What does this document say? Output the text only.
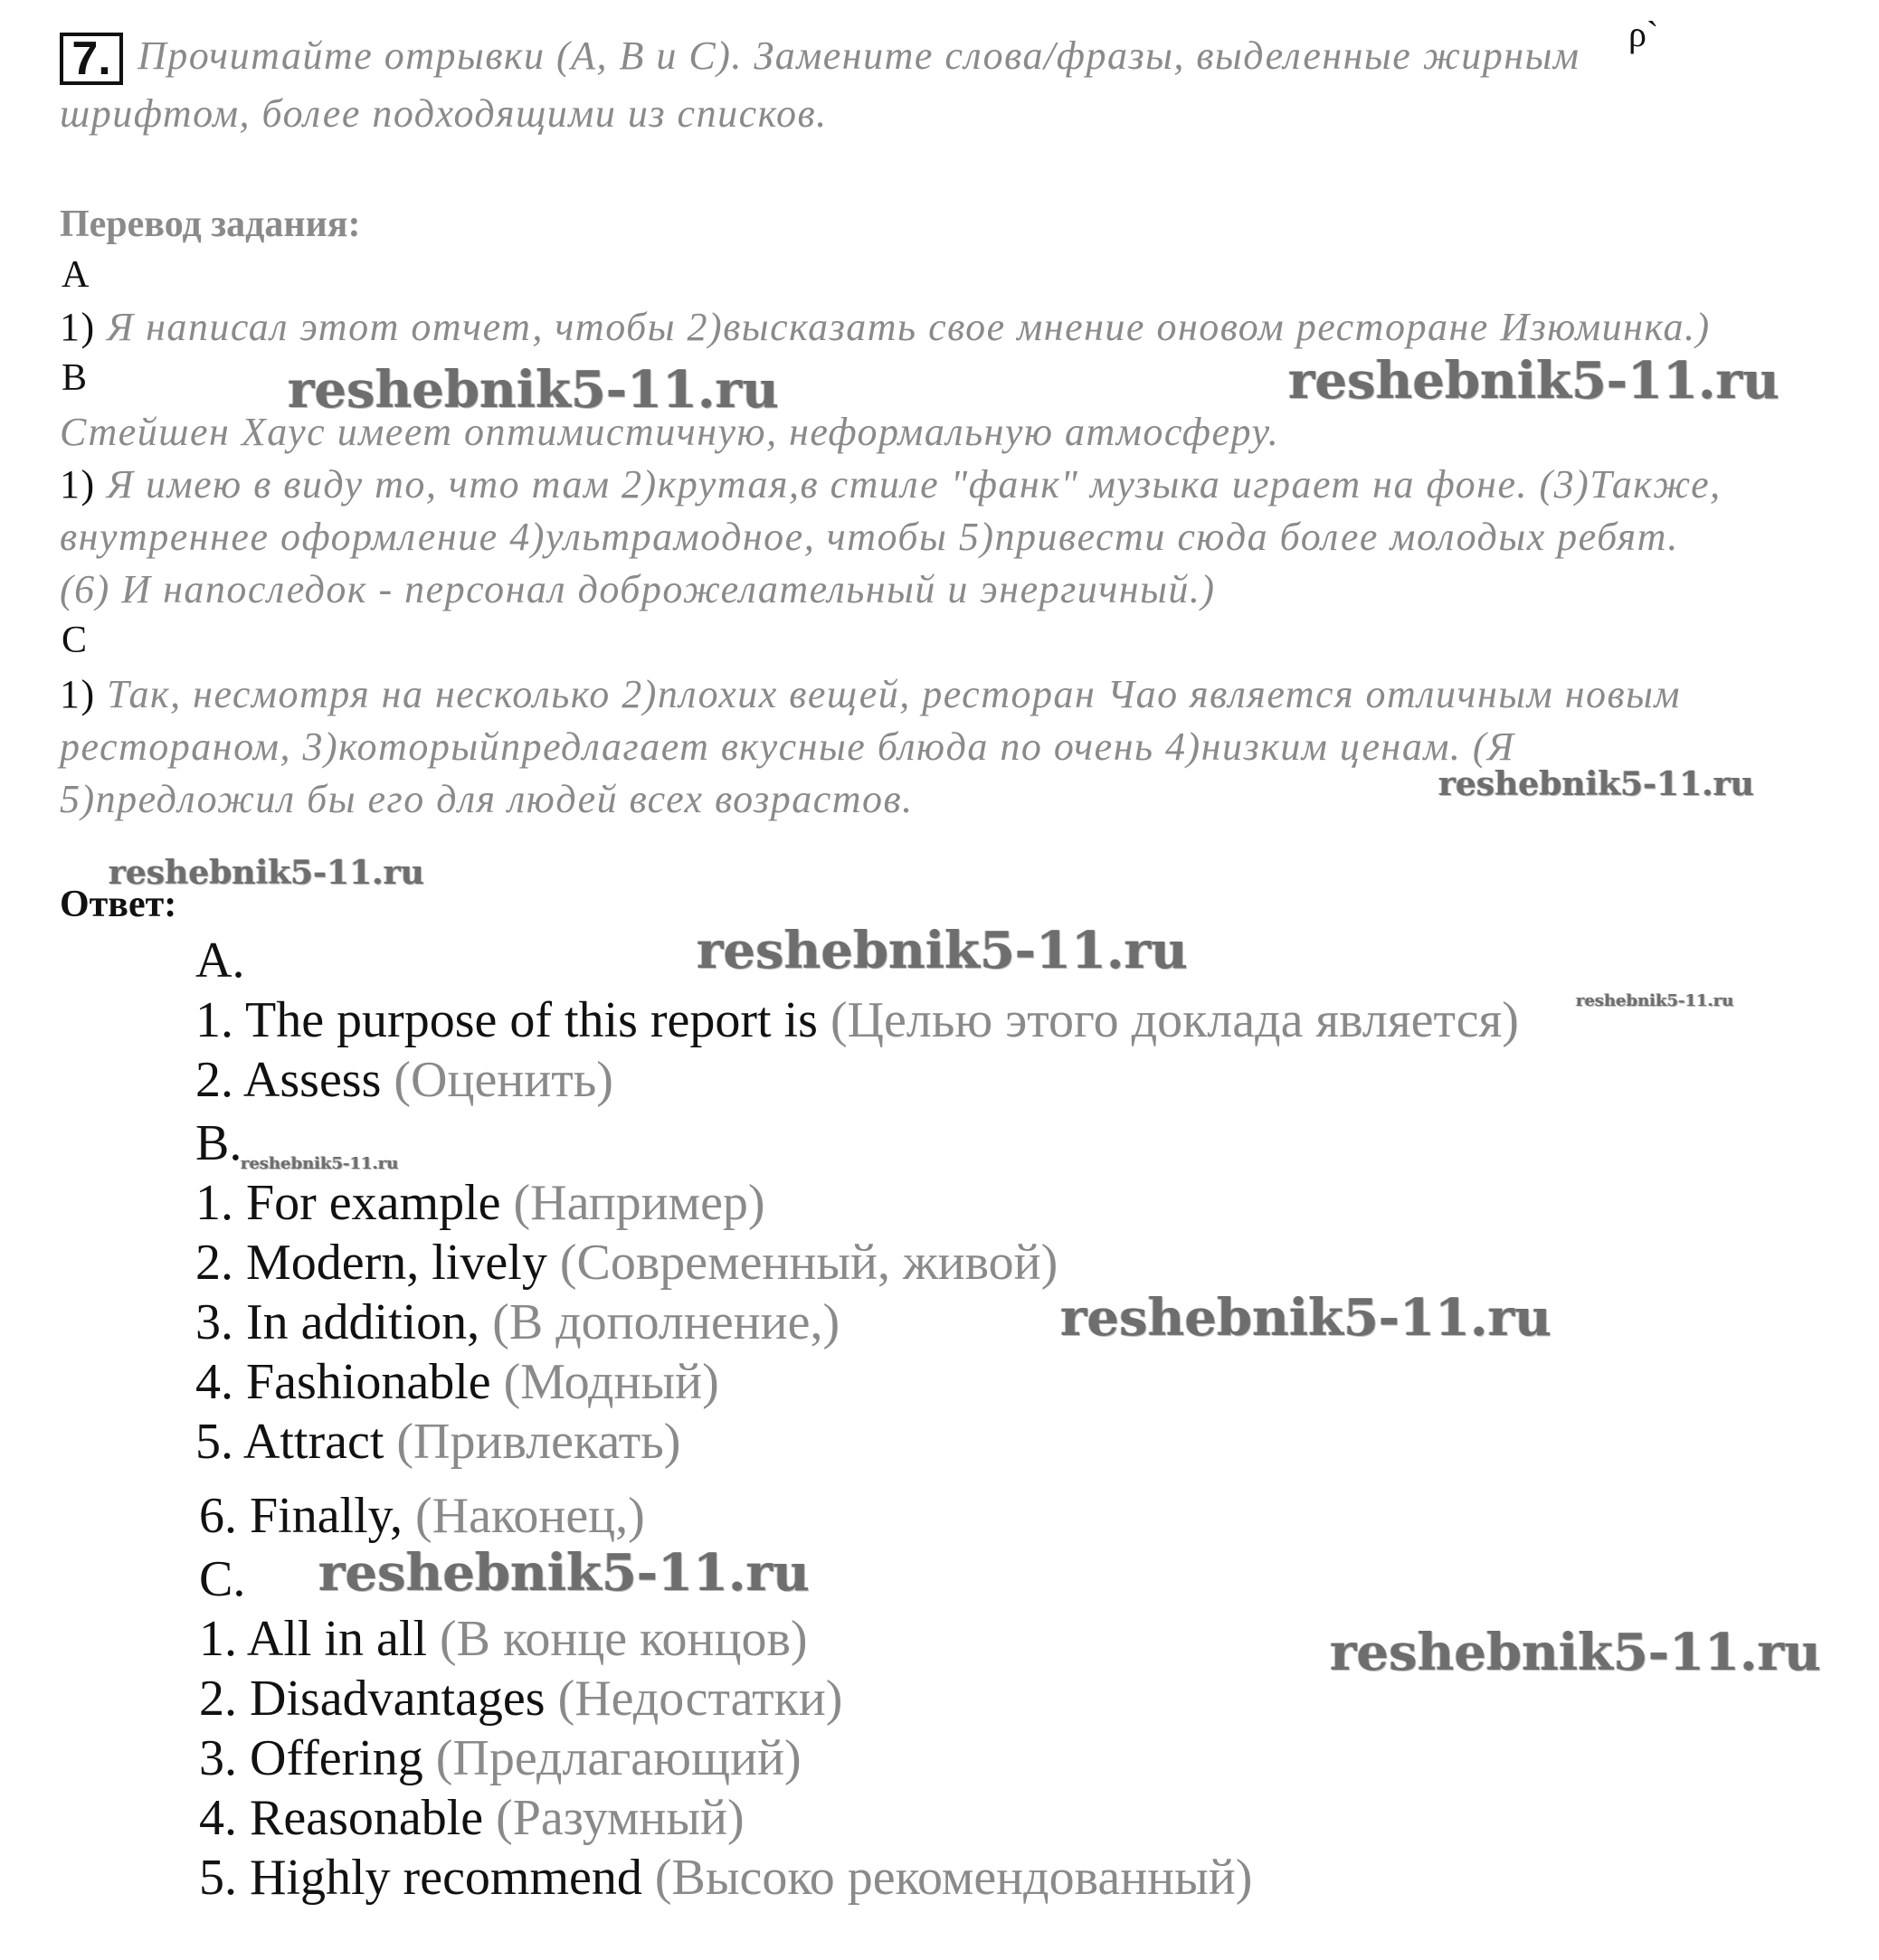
7. Прочитайте отрывки (А, B и С). Замените слова/фразы, выделенные жирным
шрифтом, более подходящими из списков.
ρ`
Перевод задания:
A
1) Я написал этот отчет, чтобы 2)высказать свое мнение оновом ресторане Изюминка.)
B
Стейшен Хаус имеет оптимистичную, неформальную атмосферу.
1) Я имею в виду то, что там 2)крутая,в стиле "фанк" музыка играет на фоне. (3)Также,
внутреннее оформление 4)ультрамодное, чтобы 5)привести сюда более молодых ребят.
(6) И напоследок - персонал доброжелательный и энергичный.)
C
1) Так, несмотря на несколько 2)плохих вещей, ресторан Чао является отличным новым
рестораном, 3)которыйпредлагает вкусные блюда по очень 4)низким ценам. (Я
5)предложил бы его для людей всех возрастов.
Ответ:
A.
1. The purpose of this report is (Целью этого доклада является)
2. Assess (Оценить)
B.
1. For example (Например)
2. Modern, lively (Современный, живой)
3. In addition, (В дополнение,)
4. Fashionable (Модный)
5. Attract (Привлекать)
6. Finally, (Наконец,)
C.
1. All in all (В конце концов)
2. Disadvantages (Недостатки)
3. Offering (Предлагающий)
4. Reasonable (Разумный)
5. Highly recommend (Высоко рекомендованный)
reshebnik5-11.ru	reshebnik5-11.ru
reshebnik5-11.ru
reshebnik5-11.ru
reshebnik5-11.ru
reshebnik5-11.ru
reshebnik5-11.ru
reshebnik5-11.ru
reshebnik5-11.ru
reshebnik5-11.ru
